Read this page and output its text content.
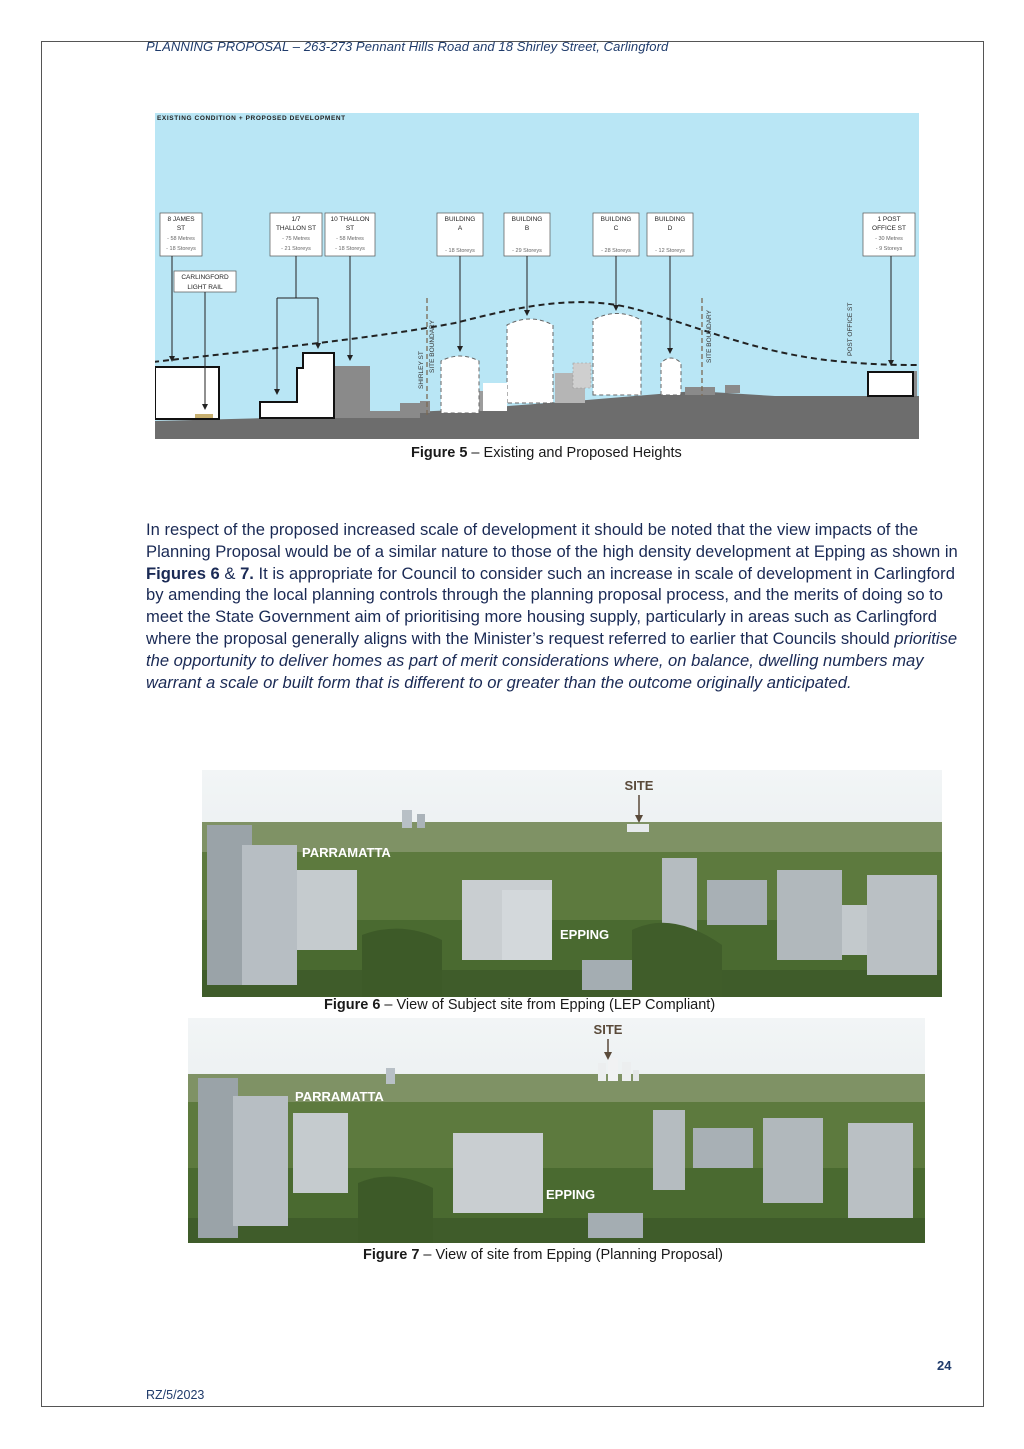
PLANNING PROPOSAL – 263-273 Pennant Hills Road and 18 Shirley Street, Carlingford
EXISTING CONDITION + PROPOSED DEVELOPMENT
SITE BOUNDARY	SITE BOUNDARY
SHIRLEY ST
POST OFFICE ST
8 JAMES
ST
- 58 Metres
- 18 Storeys
CARLINGFORD
LIGHT RAIL
1/7
THALLON ST
- 75 Metres
- 21 Storeys
10 THALLON
ST
- 58 Metres
- 18 Storeys
BUILDING
A
- 18 Storeys
BUILDING
B
- 29 Storeys
BUILDING
C
- 28 Storeys
BUILDING
D
- 12 Storeys
1 POST
OFFICE ST
- 30 Metres
- 9 Storeys
Figure 5 – Existing and Proposed Heights
In respect of the proposed increased scale of development it should be noted that the view impacts of the Planning Proposal would be of a similar nature to those of the high density development at Epping as shown in Figures 6 & 7. It is appropriate for Council to consider such an increase in scale of development in Carlingford by amending the local planning controls through the planning proposal process, and the merits of doing so to meet the State Government aim of prioritising more housing supply, particularly in areas such as Carlingford where the proposal generally aligns with the Minister’s request referred to earlier that Councils should prioritise the opportunity to deliver homes as part of merit considerations where, on balance, dwelling numbers may warrant a scale or built form that is different to or greater than the outcome originally anticipated.
SITE
PARRAMATTA
EPPING
Figure 6 – View of Subject site from Epping (LEP Compliant)
SITE
PARRAMATTA
EPPING
Figure 7 – View of site from Epping (Planning Proposal)
24
RZ/5/2023
